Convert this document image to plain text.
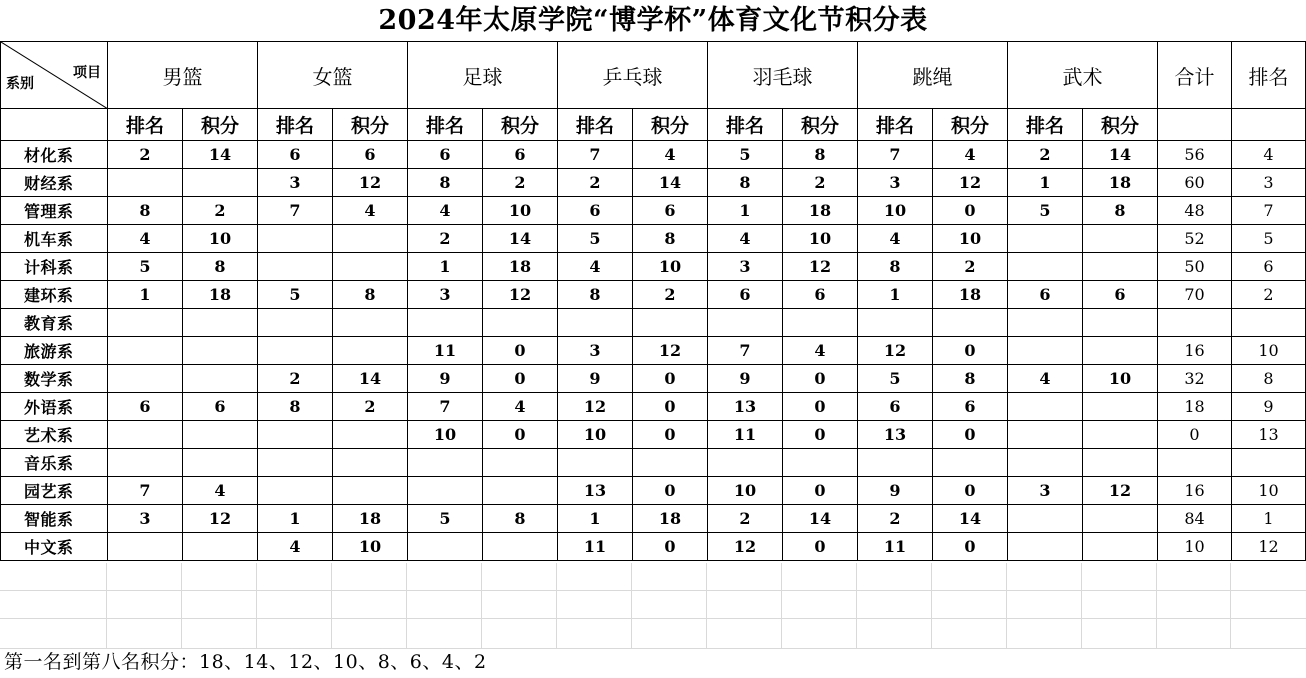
2024年太原学院“博学杯”体育文化节积分表
项目
系别	男篮		女篮		足球		乒乓球		羽毛球		跳绳		武术		合计	排名
	排名	积分	排名	积分	排名	积分	排名	积分	排名	积分	排名	积分	排名	积分		
材化系	2	14	6	6	6	6	7	4	5	8	7	4	2	14	56	4
财经系			3	12	8	2	2	14	8	2	3	12	1	18	60	3
管理系	8	2	7	4	4	10	6	6	1	18	10	0	5	8	48	7
机车系	4	10			2	14	5	8	4	10	4	10			52	5
计科系	5	8			1	18	4	10	3	12	8	2			50	6
建环系	1	18	5	8	3	12	8	2	6	6	1	18	6	6	70	2
教育系																
旅游系					11	0	3	12	7	4	12	0			16	10
数学系			2	14	9	0	9	0	9	0	5	8	4	10	32	8
外语系	6	6	8	2	7	4	12	0	13	0	6	6			18	9
艺术系					10	0	10	0	11	0	13	0			0	13
音乐系																
园艺系	7	4					13	0	10	0	9	0	3	12	16	10
智能系	3	12	1	18	5	8	1	18	2	14	2	14			84	1
中文系			4	10			11	0	12	0	11	0			10	12
第一名到第八名积分：18、14、12、10、8、6、4、2
